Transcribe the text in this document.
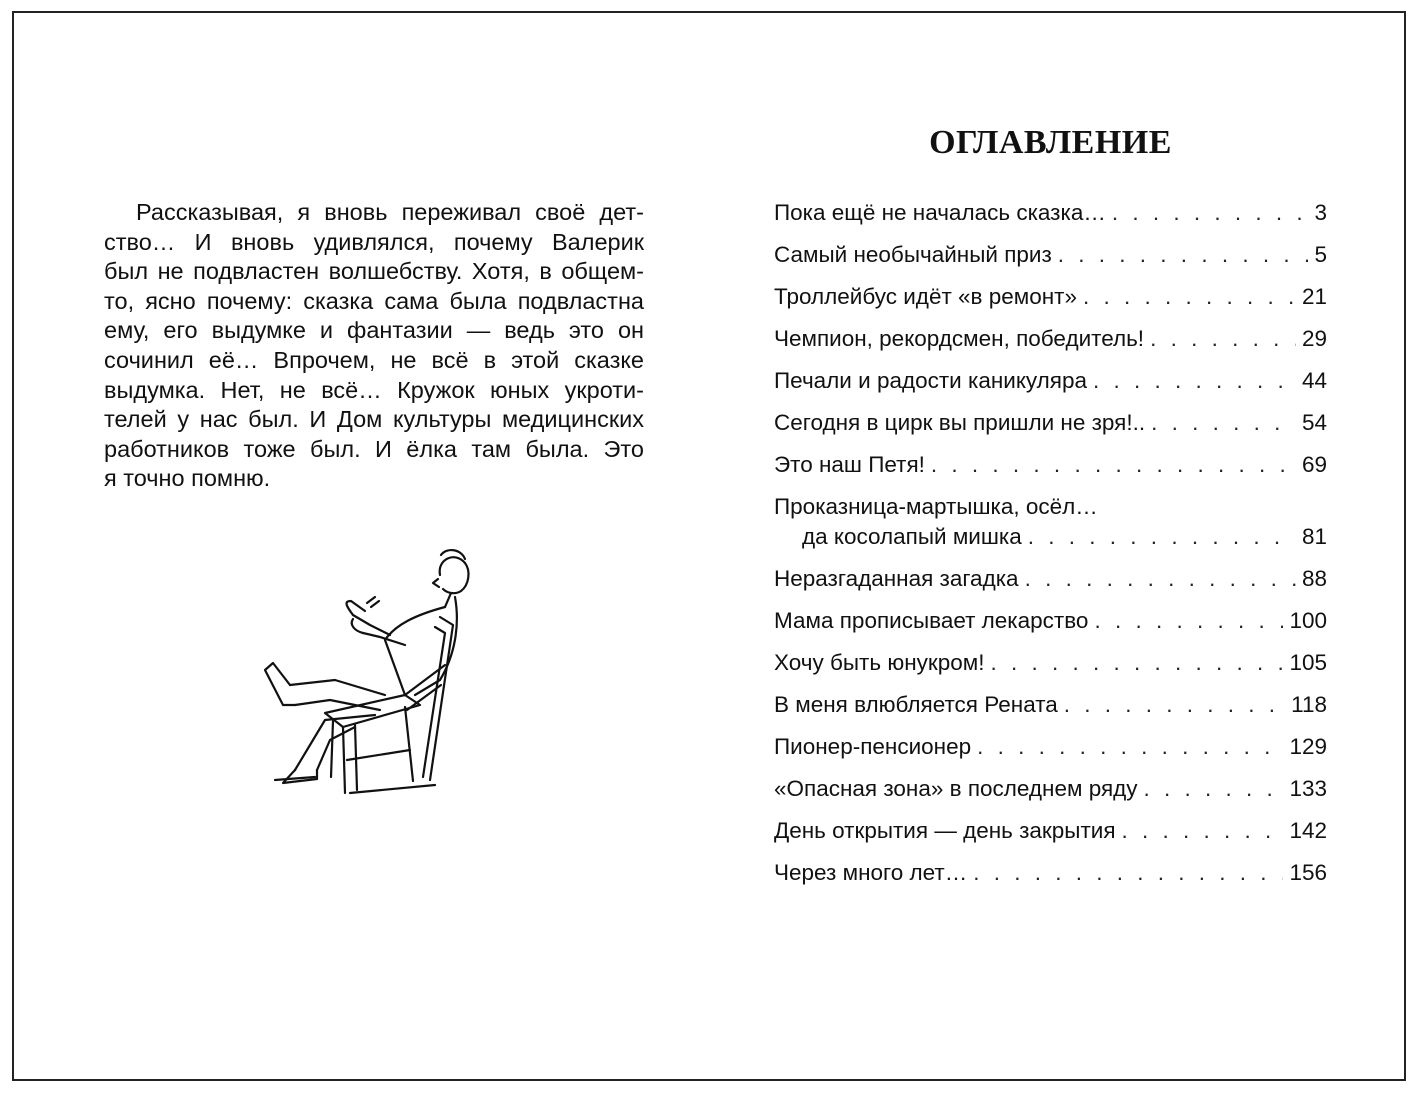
Рассказывая, я вновь переживал своё дет-
ство… И вновь удивлялся, почему Валерик
был не подвластен волшебству. Хотя, в общем-
то, ясно почему: сказка сама была подвластна
ему, его выдумке и фантазии — ведь это он
сочинил её… Впрочем, не всё в этой сказке
выдумка. Нет, не всё… Кружок юных укроти-
телей у нас был. И Дом культуры медицинских
работников тоже был. И ёлка там была. Это
я точно помню.
ОГЛАВЛЕНИЕ
Пока ещё не началась сказка… . . .	3
Самый необычайный приз . . .	5
Троллейбус идёт «в ремонт» . . .	21
Чемпион, рекордсмен, победитель! . . .	29
Печали и радости каникуляра . . .	44
Сегодня в цирк вы пришли не зря!.. . . .	54
Это наш Петя! . . .	69
Проказница-мартышка, осёл…
да косолапый мишка . . .	81
Неразгаданная загадка . . .	88
Мама прописывает лекарство . . .	100
Хочу быть юнукром! . . .	105
В меня влюбляется Рената . . .	118
Пионер-пенсионер . . .	129
«Опасная зона» в последнем ряду . . .	133
День открытия — день закрытия . . .	142
Через много лет… . . .	156
